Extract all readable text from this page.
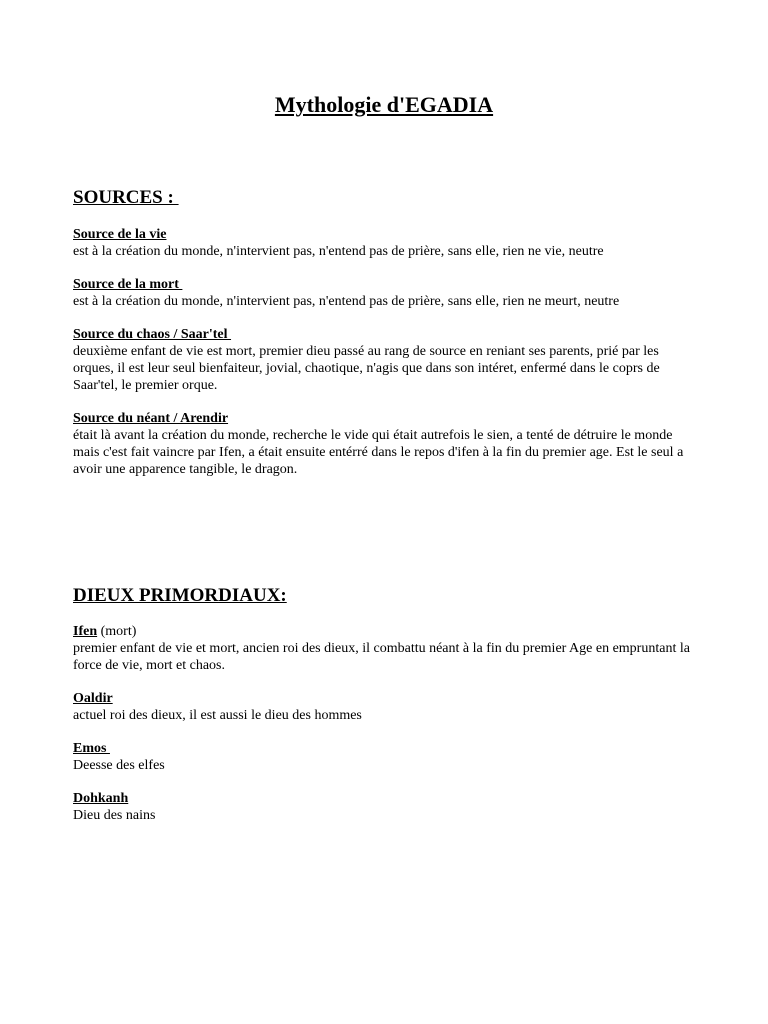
Mythologie d'EGADIA
SOURCES :
Source de la vie
est à la création du monde, n'intervient pas, n'entend pas de prière, sans elle, rien ne vie, neutre
Source de la mort
est à la création du monde, n'intervient pas, n'entend pas de prière, sans elle, rien ne meurt, neutre
Source du chaos / Saar'tel
deuxième enfant de vie est mort, premier dieu passé au rang de source en reniant ses parents, prié par les orques, il est leur seul bienfaiteur, jovial, chaotique, n'agis que dans son intéret, enfermé dans le coprs de Saar'tel, le premier orque.
Source du néant / Arendir
était là avant la création du monde, recherche le vide qui était autrefois le sien, a tenté de détruire le monde mais c'est fait vaincre par Ifen, a était ensuite entérré dans le repos d'ifen à la fin du premier age. Est le seul a avoir une apparence tangible, le dragon.
DIEUX PRIMORDIAUX:
Ifen (mort)
premier enfant de vie et mort, ancien roi des dieux, il combattu néant à la fin du premier Age en empruntant la force de vie, mort et chaos.
Oaldir
actuel roi des dieux, il est aussi le dieu des hommes
Emos
Deesse des elfes
Dohkanh
Dieu des nains
